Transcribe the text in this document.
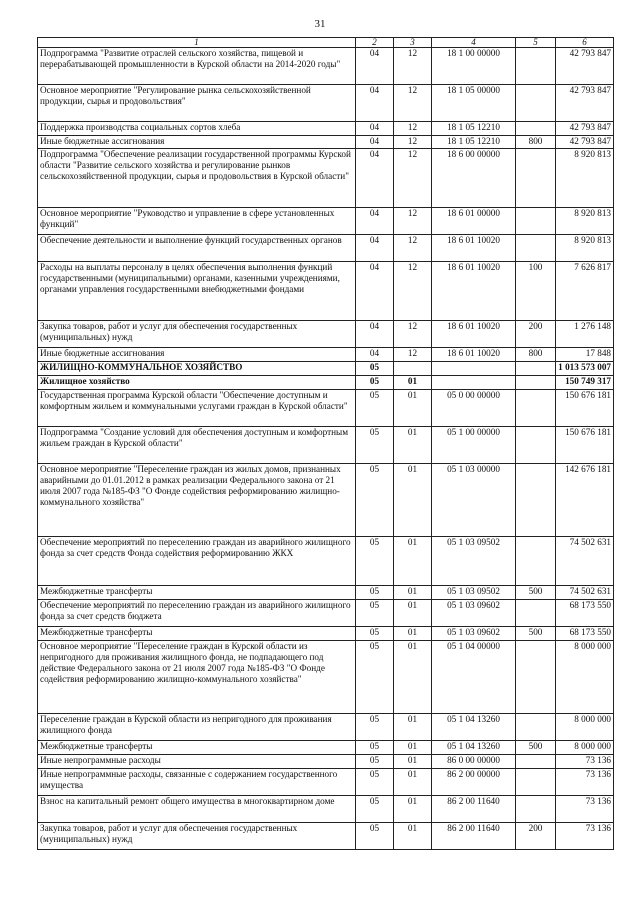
31
1	2	3	4	5	6
Подпрограмма "Развитие отраслей сельского хозяйства, пищевой и перерабатывающей промышленности в Курской области на 2014-2020 годы"	04	12	18 1 00 00000		42 793 847
Основное мероприятие "Регулирование рынка сельскохозяйственной продукции, сырья и продовольствия"	04	12	18 1 05 00000		42 793 847
Поддержка производства социальных сортов хлеба	04	12	18 1 05 12210		42 793 847
Иные бюджетные ассигнования	04	12	18 1 05 12210	800	42 793 847
Подпрограмма "Обеспечение реализации государственной программы Курской области "Развитие сельского хозяйства и регулирование рынков сельскохозяйственной продукции, сырья и продовольствия в Курской области"	04	12	18 6 00 00000		8 920 813
Основное мероприятие "Руководство и управление в сфере установленных функций"	04	12	18 6 01 00000		8 920 813
Обеспечение деятельности и выполнение функций государственных органов	04	12	18 6 01 10020		8 920 813
Расходы на выплаты персоналу в целях обеспечения выполнения функций государственными (муниципальными) органами, казенными учреждениями, органами управления государственными внебюджетными фондами	04	12	18 6 01 10020	100	7 626 817
Закупка товаров, работ и услуг для обеспечения государственных (муниципальных) нужд	04	12	18 6 01 10020	200	1 276 148
Иные бюджетные ассигнования	04	12	18 6 01 10020	800	17 848
ЖИЛИЩНО-КОММУНАЛЬНОЕ ХОЗЯЙСТВО	05				1 013 573 007
Жилищное хозяйство	05	01			150 749 317
Государственная программа Курской области "Обеспечение доступным и комфортным жильем и коммунальными услугами граждан в Курской области"	05	01	05 0 00 00000		150 676 181
Подпрограмма "Создание условий для обеспечения доступным и комфортным жильем граждан в Курской области"	05	01	05 1 00 00000		150 676 181
Основное мероприятие "Переселение граждан из жилых домов, признанных аварийными до 01.01.2012 в рамках реализации Федерального закона от 21 июля 2007 года №185-ФЗ "О Фонде содействия реформированию жилищно-коммунального хозяйства"	05	01	05 1 03 00000		142 676 181
Обеспечение мероприятий по переселению граждан из аварийного жилищного фонда за счет средств Фонда содействия реформированию ЖКХ	05	01	05 1 03 09502		74 502 631
Межбюджетные трансферты	05	01	05 1 03 09502	500	74 502 631
Обеспечение мероприятий по переселению граждан из аварийного жилищного фонда за счет средств бюджета	05	01	05 1 03 09602		68 173 550
Межбюджетные трансферты	05	01	05 1 03 09602	500	68 173 550
Основное мероприятие "Переселение граждан в Курской области из непригодного для проживания жилищного фонда, не подпадающего под действие Федерального закона от 21 июля 2007 года №185-ФЗ "О Фонде содействия реформированию жилищно-коммунального хозяйства"	05	01	05 1 04 00000		8 000 000
Переселение граждан в Курской области из непригодного для проживания жилищного фонда	05	01	05 1 04 13260		8 000 000
Межбюджетные трансферты	05	01	05 1 04 13260	500	8 000 000
Иные непрограммные расходы	05	01	86 0 00 00000		73 136
Иные непрограммные расходы, связанные с содержанием государственного имущества	05	01	86 2 00 00000		73 136
Взнос на капитальный ремонт общего имущества в многоквартирном доме	05	01	86 2 00 11640		73 136
Закупка товаров, работ и услуг для обеспечения государственных (муниципальных) нужд	05	01	86 2 00 11640	200	73 136
